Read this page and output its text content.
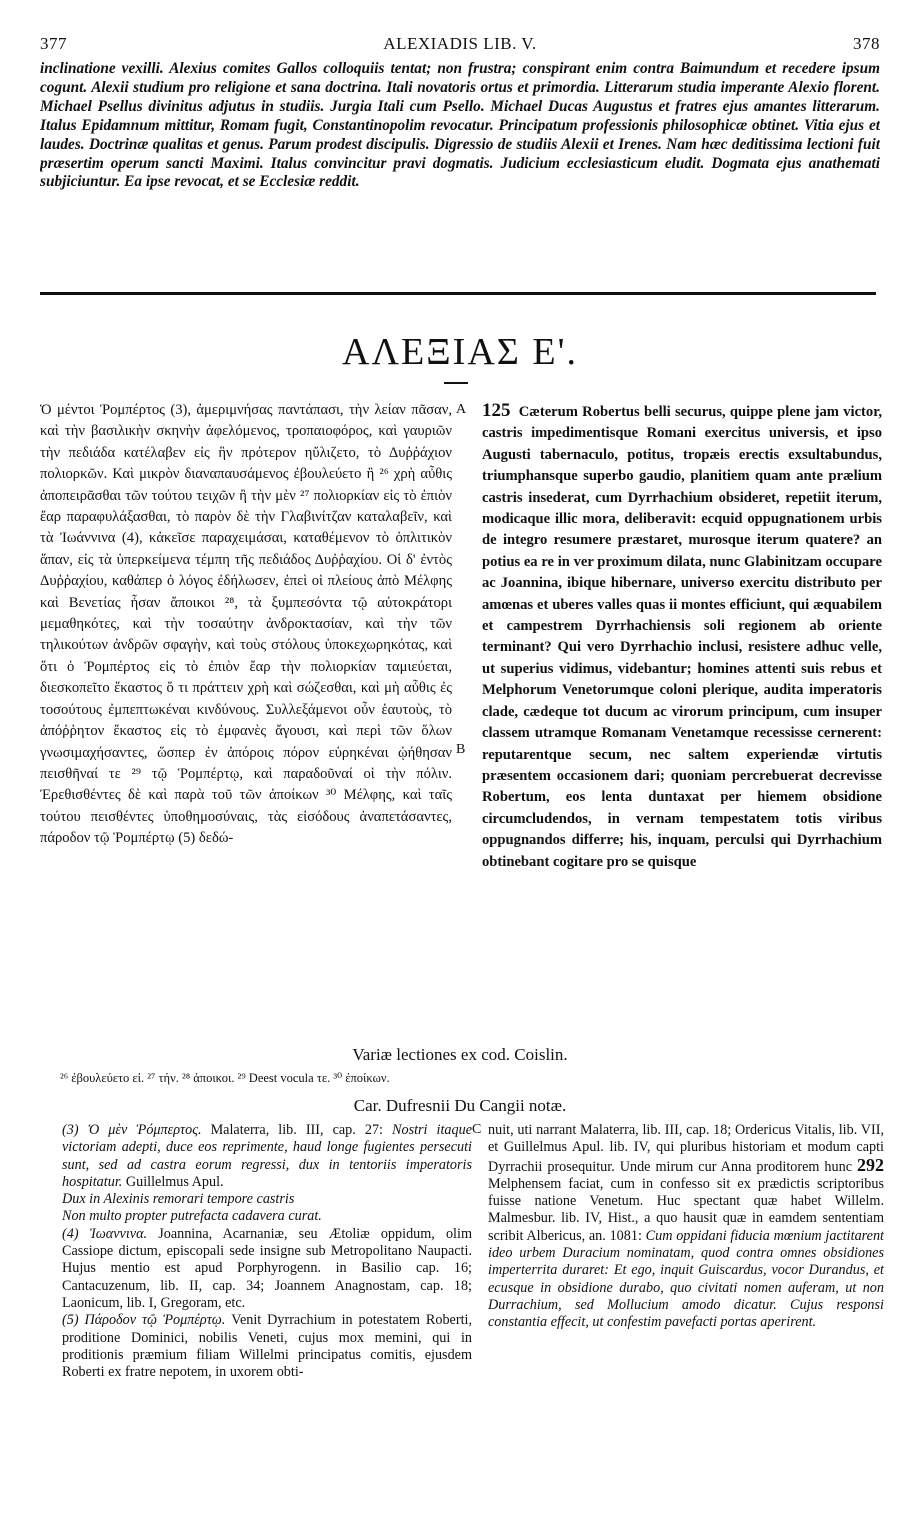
377	ALEXIADIS LIB. V.	378
inclinatione vexilli. Alexius comites Gallos colloquiis tentat; non frustra; conspirant enim contra Baimundum et recedere ipsum cogunt. Alexii studium pro religione et sana doctrina. Itali novatoris ortus et primordia. Litterarum studia imperante Alexio florent. Michael Psellus divinitus adjutus in studiis. Jurgia Itali cum Psello. Michael Ducas Augustus et fratres ejus amantes litterarum. Italus Epidamnum mittitur, Romam fugit, Constantinopolim revocatur. Principatum professionis philosophicæ obtinet. Vitia ejus et laudes. Doctrinæ qualitas et genus. Parum prodest discipulis. Digressio de studiis Alexii et Irenes. Nam hæc deditissima lectioni fuit præsertim operum sancti Maximi. Italus convincitur pravi dogmatis. Judicium ecclesiasticum eludit. Dogmata ejus anathemati subjiciuntur. Ea ipse revocat, et se Ecclesiæ reddit.
ΑΛΕΞΙΑΣ Ε'.
Ὁ μέντοι Ῥομπέρτος (3), ἀμεριμνήσας παντάπασι, τὴν λείαν πᾶσαν, καὶ τὴν βασιλικὴν σκηνὴν ἀφελόμενος, τροπαιοφόρος, καὶ γαυριῶν τὴν πεδιάδα κατέλαβεν εἰς ἣν πρότερον ηὔλιζετο, τὸ Δυῤῥάχιον πολιορκῶν. Καὶ μικρὸν διαναπαυσάμενος ἐβουλεύετο ἢ ²⁶ χρὴ αὖθις ἀποπειρᾶσθαι τῶν τούτου τειχῶν ἢ τὴν μὲν ²⁷ πολιορκίαν εἰς τὸ ἐπιὸν ἔαρ παραφυλάξασθαι, τὸ παρὸν δὲ τὴν Γλαβινίτζαν καταλαβεῖν, καὶ τὰ Ἰωάννινα (4), κἀκεῖσε παραχειμάσαι, καταθέμενον τὸ ὁπλιτικὸν ἅπαν, εἰς τὰ ὑπερκείμενα τέμπη τῆς πεδιάδος Δυῤῥαχίου. Οἱ δ' ἐντὸς Δυῤῥαχίου, καθάπερ ὁ λόγος ἐδήλωσεν, ἐπεὶ οἱ πλείους ἀπὸ Μέλφης καὶ Βενετίας ἦσαν ἄποικοι ²⁸, τὰ ξυμπεσόντα τῷ αὐτοκράτορι μεμαθηκότες, καὶ τὴν τοσαύτην ἀνδροκτασίαν, καὶ τὴν τῶν τηλικούτων ἀνδρῶν σφαγὴν, καὶ τοὺς στόλους ὑποκεχωρηκότας, καὶ ὅτι ὁ Ῥομπέρτος εἰς τὸ ἐπιὸν ἔαρ τὴν πολιορκίαν ταμιεύεται, διεσκοπεῖτο ἕκαστος ὅ τι πράττειν χρὴ καὶ σώζεσθαι, καὶ μὴ αὖθις ἐς τοσούτους ἐμπεπτωκέναι κινδύνους. Συλλεξάμενοι οὖν ἑαυτοὺς, τὸ ἀπόῤῥητον ἕκαστος εἰς τὸ ἐμφανὲς ἄγουσι, καὶ περὶ τῶν ὅλων γνωσιμαχήσαντες, ὥσπερ ἐν ἀπόροις πόρον εὑρηκέναι ᾠήθησαν πεισθῆναί τε ²⁹ τῷ Ῥομπέρτῳ, καὶ παραδοῦναί οἱ τὴν πόλιν. Ἐρεθισθέντες δὲ καὶ παρὰ τοῦ τῶν ἀποίκων ³⁰ Μέλφης, καὶ ταῖς τούτου πεισθέντες ὑποθημοσύναις, τὰς εἰσόδους ἀναπετάσαντες, πάροδον τῷ Ῥομπέρτῳ (5) δεδώ-
A
B
125 Cæterum Robertus belli securus, quippe plene jam victor, castris impedimentisque Romani exercitus universis, et ipso Augusti tabernaculo, potitus, tropæis erectis exsultabundus, triumphansque superbo gaudio, planitiem quam ante prælium castris insederat, cum Dyrrhachium obsideret, repetiit iterum, modicaque illic mora, deliberavit: ecquid oppugnationem urbis de integro resumere præstaret, murosque iterum quatere? an potius ea re in ver proximum dilata, nunc Glabinitzam occupare ac Joannina, ibique hibernare, universo exercitu distributo per amœnas et uberes valles quas ii montes efficiunt, qui æquabilem et campestrem Dyrrhachiensis soli regionem ab oriente terminant? Qui vero Dyrrhachio inclusi, resistere adhuc velle, ut superius vidimus, videbantur; homines attenti suis rebus et Melphorum Venetorumque coloni plerique, audita imperatoris clade, cædeque tot ducum ac virorum principum, cum insuper classem utramque Romanam Venetamque recessisse cernerent: reputarentque secum, nec saltem experiendæ virtutis præsentem occasionem dari; quoniam percrebuerat decrevisse Robertum, eos lenta duntaxat per hiemem obsidione circumcludendos, in vernam tempestatem totis viribus oppugnandos differre; his, inquam, perculsi qui Dyrrhachium obtinebant cogitare pro se quisque
Variæ lectiones ex cod. Coislin.
²⁶ ἐβουλεύετο εἰ. ²⁷ τήν. ²⁸ ἀποικοι. ²⁹ Deest vocula τε. ³⁰ ἐποίκων.
Car. Dufresnii Du Cangii notæ.
C

(3) Ὁ μὲν Ῥόμπερτος. Malaterra, lib. III, cap. 27: Nostri itaque victoriam adepti, duce eos reprimente, haud longe fugientes persecuti sunt, sed ad castra eorum regressi, dux in tentoriis imperatoris hospitatur. Guillelmus Apul.

Dux in Alexinis remorari tempore castris

Non multo propter putrefacta cadavera curat.

(4) Ἰωαννινα. Joannina, Acarnaniæ, seu Ætoliæ oppidum, olim Cassiope dictum, episcopali sede insigne sub Metropolitano Naupacti. Hujus mentio est apud Porphyrogenn. in Basilio cap. 16; Cantacuzenum, lib. II, cap. 34; Joannem Anagnostam, cap. 18; Laonicum, lib. I, Gregoram, etc.

(5) Πάροδον τῷ Ῥομπέρτῳ. Venit Dyrrachium in potestatem Roberti, proditione Dominici, nobilis Veneti, cujus mox memini, qui in proditionis præmium filiam Willelmi principatus comitis, ejusdem Roberti ex fratre nepotem, in uxorem obti-

nuit, uti narrant Malaterra, lib. III, cap. 18; Ordericus Vitalis, lib. VII, et Guillelmus Apul. lib. IV, qui pluribus historiam et modum capti Dyrrachii prosequitur. Unde mirum cur Anna proditorem hunc 292 Melphensem faciat, cum in confesso sit ex prædictis scriptoribus fuisse natione Venetum. Huc spectant quæ habet Willelm. Malmesbur. lib. IV, Hist., a quo hausit quæ in eamdem sententiam scribit Albericus, an. 1081: Cum oppidani fiducia mœnium jactitarent ideo urbem Duracium nominatam, quod contra omnes obsidiones imperterrita duraret: Et ego, inquit Guiscardus, vocor Durandus, et ecusque in obsidione durabo, quo civitati nomen auferam, ut non Durrachium, sed Mollucium amodo dicatur. Cujus responsi constantia effecit, ut confestim pavefacti portas aperirent.
